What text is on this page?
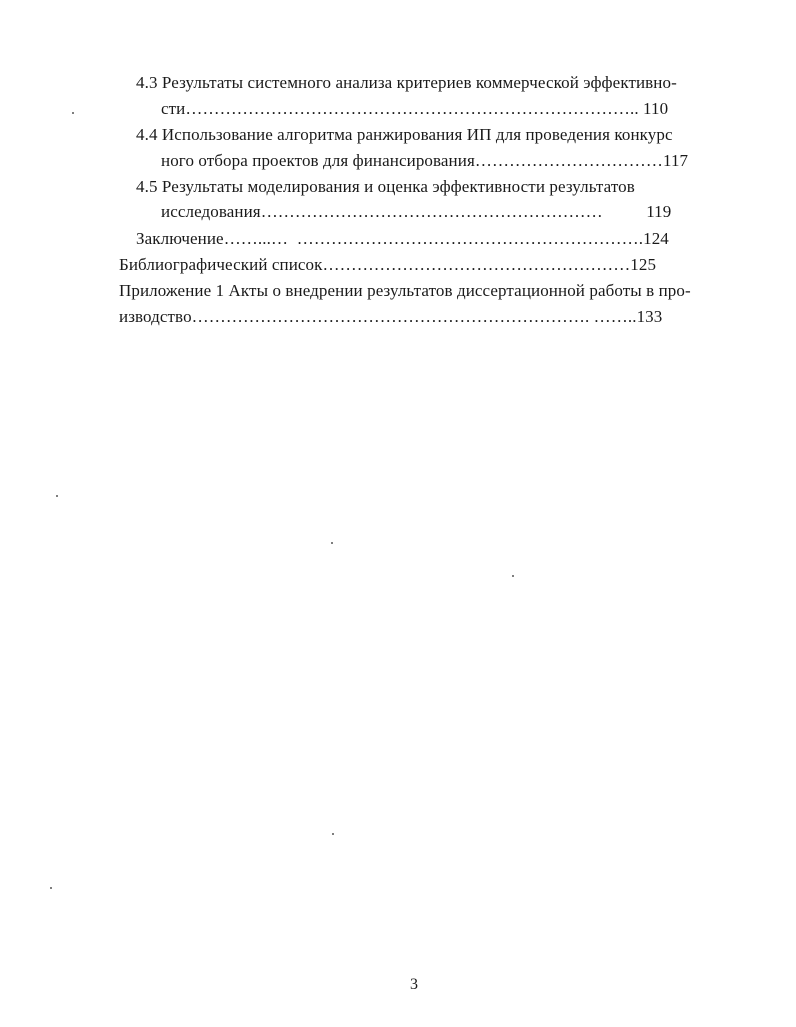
4.3 Результаты системного анализа критериев коммерческой эффективно-
сти…………………………………………………………………….. 110
4.4 Использование алгоритма ранжирования ИП для проведения конкурс
ного отбора проектов для финансирования……………………………117
4.5 Результаты моделирования и оценка эффективности результатов
исследования……………………………………………………          119
Заключение……...…  …………………………………………………….124
Библиографический список………………………………………………125
Приложение 1 Акты о внедрении результатов диссертационной работы в про-
изводство……………………………………………………………. ……..133
3
